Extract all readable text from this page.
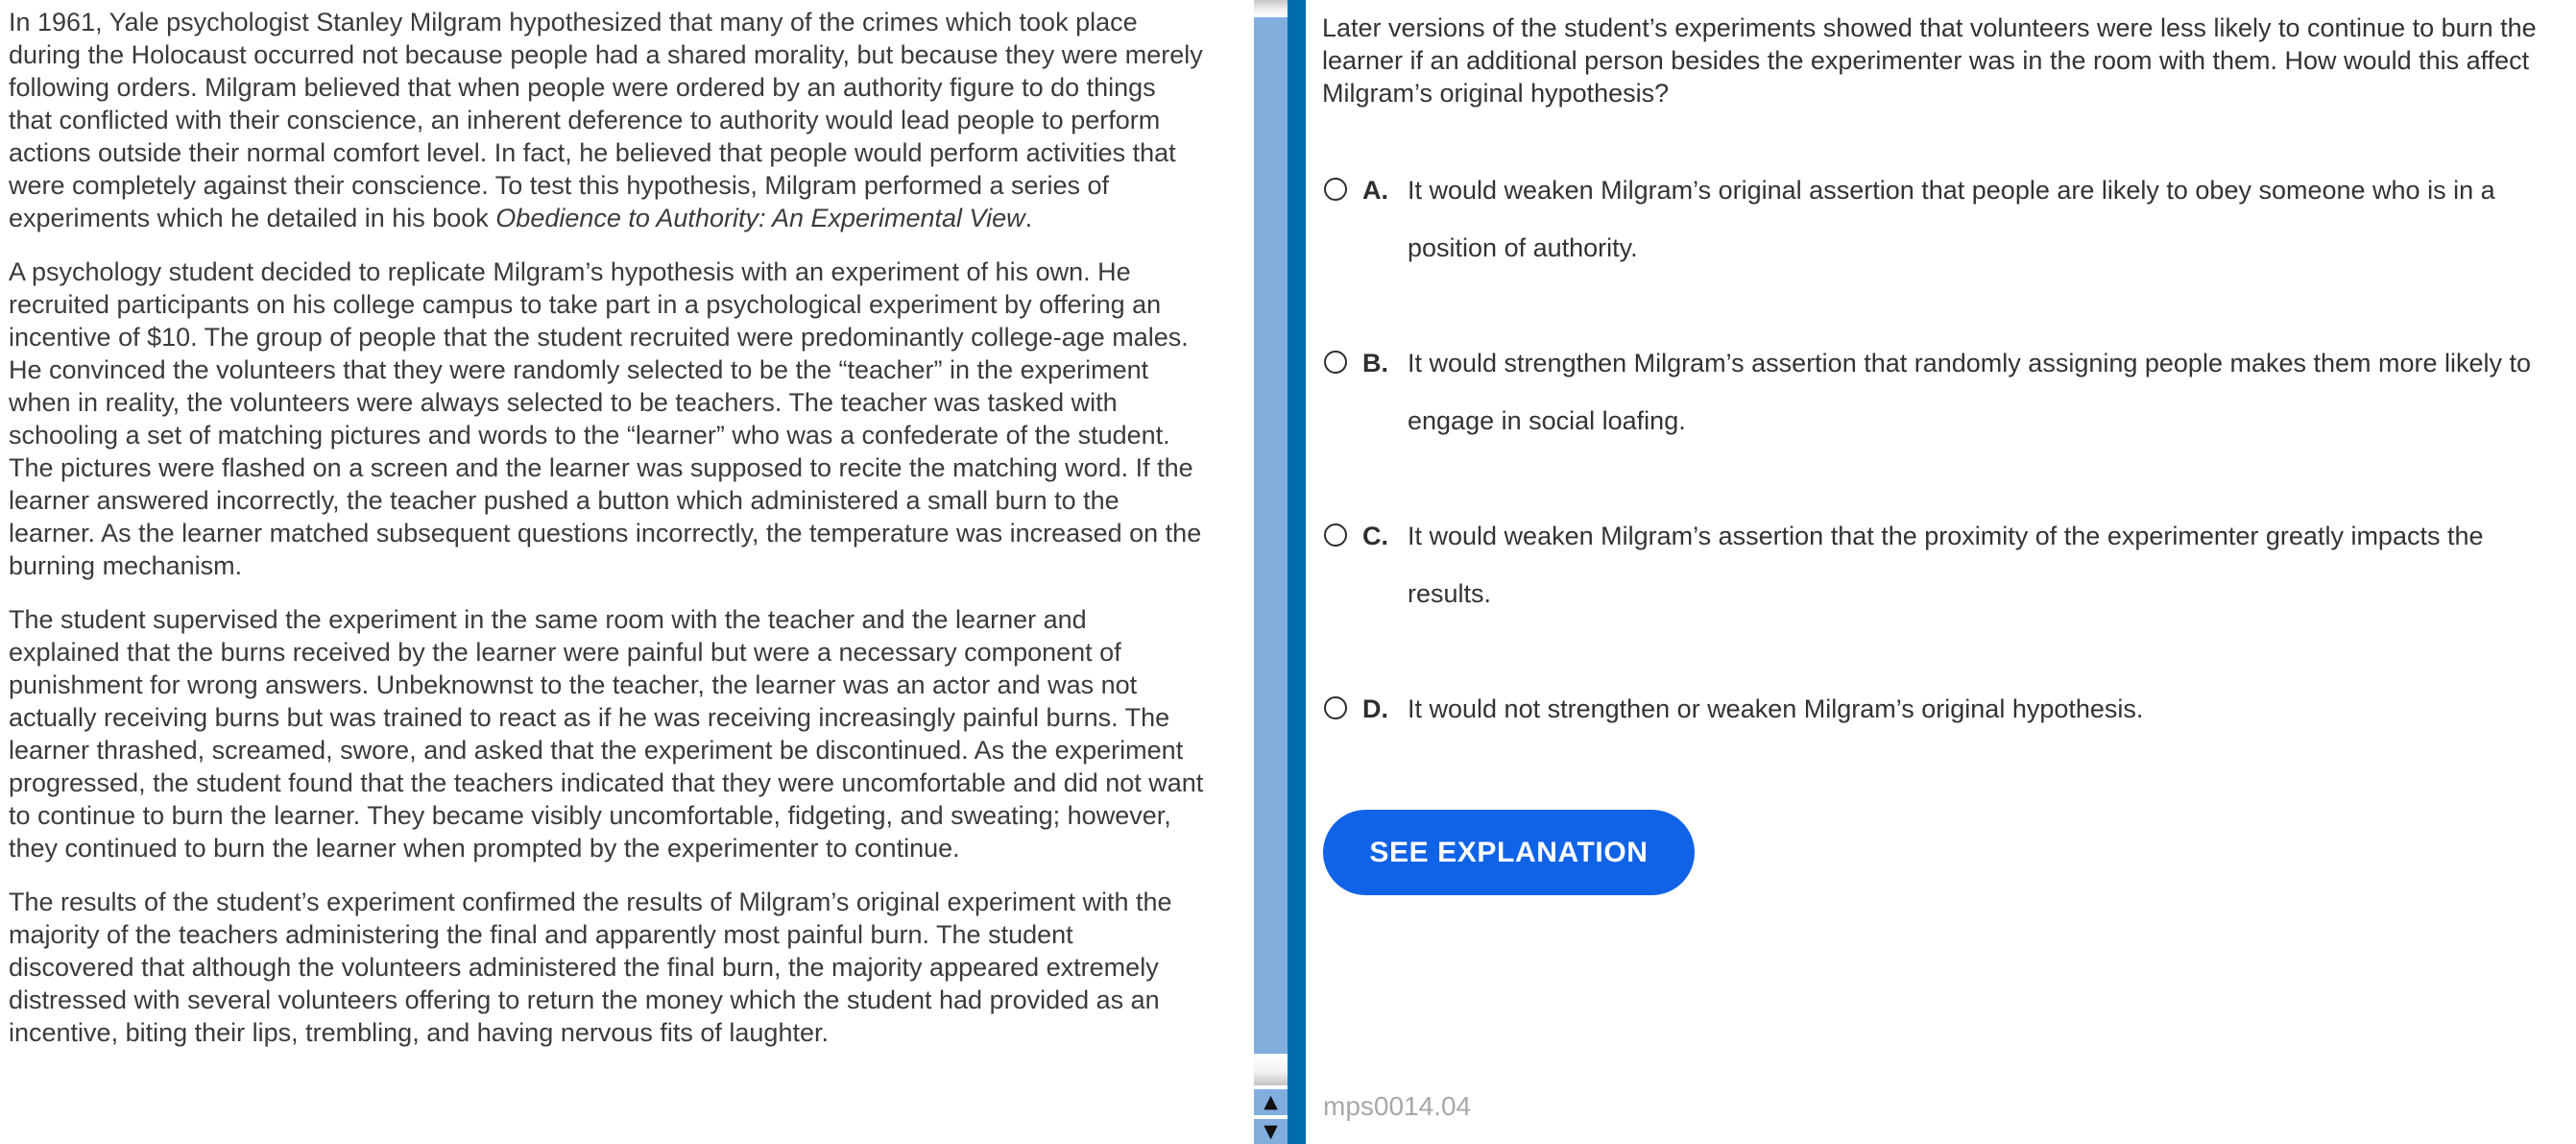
In 1961, Yale psychologist Stanley Milgram hypothesized that many of the crimes which took place during the Holocaust occurred not because people had a shared morality, but because they were merely following orders. Milgram believed that when people were ordered by an authority figure to do things that conflicted with their conscience, an inherent deference to authority would lead people to perform actions outside their normal comfort level. In fact, he believed that people would perform activities that were completely against their conscience. To test this hypothesis, Milgram performed a series of experiments which he detailed in his book Obedience to Authority: An Experimental View.

A psychology student decided to replicate Milgram’s hypothesis with an experiment of his own. He recruited participants on his college campus to take part in a psychological experiment by offering an incentive of $10. The group of people that the student recruited were predominantly college-age males. He convinced the volunteers that they were randomly selected to be the “teacher” in the experiment when in reality, the volunteers were always selected to be teachers. The teacher was tasked with schooling a set of matching pictures and words to the “learner” who was a confederate of the student. The pictures were flashed on a screen and the learner was supposed to recite the matching word. If the learner answered incorrectly, the teacher pushed a button which administered a small burn to the learner. As the learner matched subsequent questions incorrectly, the temperature was increased on the burning mechanism.

The student supervised the experiment in the same room with the teacher and the learner and explained that the burns received by the learner were painful but were a necessary component of punishment for wrong answers. Unbeknownst to the teacher, the learner was an actor and was not actually receiving burns but was trained to react as if he was receiving increasingly painful burns. The learner thrashed, screamed, swore, and asked that the experiment be discontinued. As the experiment progressed, the student found that the teachers indicated that they were uncomfortable and did not want to continue to burn the learner. They became visibly uncomfortable, fidgeting, and sweating; however, they continued to burn the learner when prompted by the experimenter to continue.

The results of the student’s experiment confirmed the results of Milgram’s original experiment with the majority of the teachers administering the final and apparently most painful burn. The student discovered that although the volunteers administered the final burn, the majority appeared extremely distressed with several volunteers offering to return the money which the student had provided as an incentive, biting their lips, trembling, and having nervous fits of laughter.

▲
▼
Later versions of the student’s experiments showed that volunteers were less likely to continue to burn the learner if an additional person besides the experimenter was in the room with them. How would this affect Milgram’s original hypothesis?
A. It would weaken Milgram’s original assertion that people are likely to obey someone who is in a position of authority.
B. It would strengthen Milgram’s assertion that randomly assigning people makes them more likely to engage in social loafing.
C. It would weaken Milgram’s assertion that the proximity of the experimenter greatly impacts the results.
D. It would not strengthen or weaken Milgram’s original hypothesis.
SEE EXPLANATION
mps0014.04
